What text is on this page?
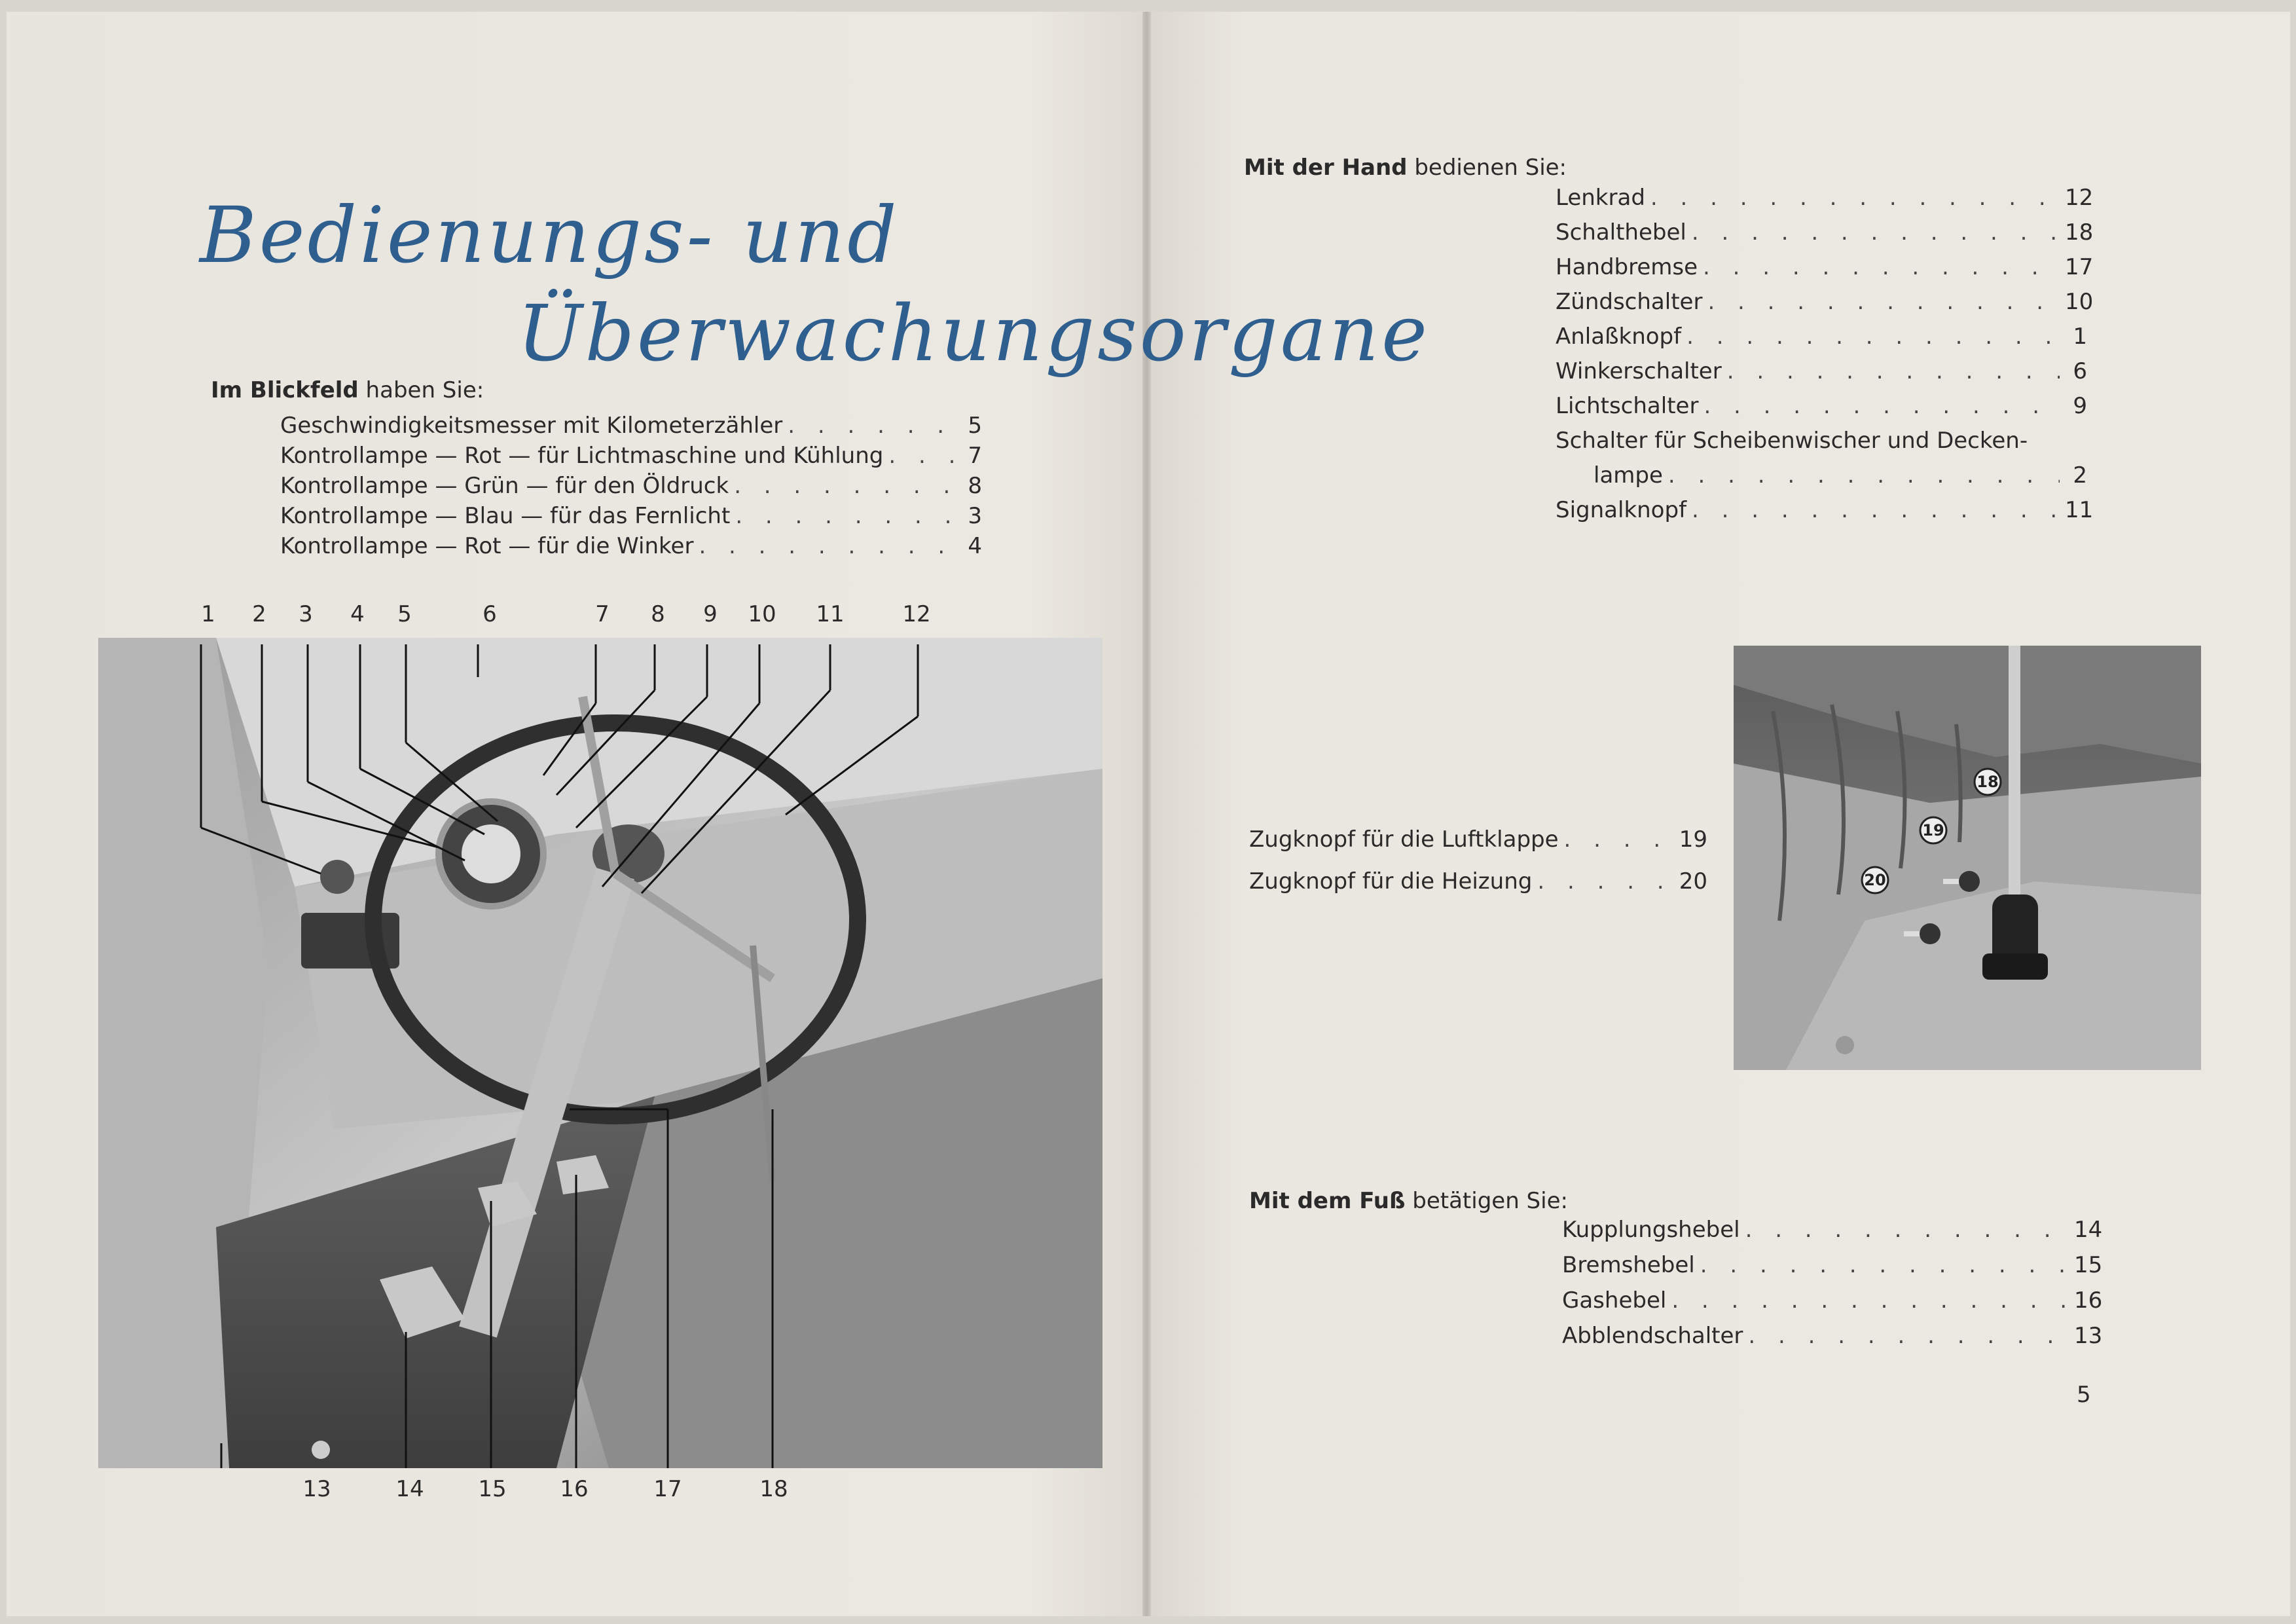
Bedienungs- und
Überwachungsorgane
Im Blickfeld haben Sie:
Geschwindigkeitsmesser mit Kilometerzähler . . .	5
Kontrollampe — Rot — für Lichtmaschine und Kühlung . . .	7
Kontrollampe — Grün — für den Öldruck . . .	8
Kontrollampe — Blau — für das Fernlicht . . .	3
Kontrollampe — Rot — für die Winker . . .	4
1	2	3	4	5	6	7	8	9	10 11	12
13	14 15 16	17	18
Mit der Hand bedienen Sie:
Lenkrad . . .	12
Schalthebel . . .	18
Handbremse . . .	17
Zündschalter . . .	10
Anlaßknopf . . .	1
Winkerschalter . . .	6
Lichtschalter . . .	9
Schalter für Scheibenwischer und Decken-
lampe . . .	2
Signalknopf . . .	11
Zugknopf für die Luftklappe . . .	19
Zugknopf für die Heizung . . .	20
18
19
20
Mit dem Fuß betätigen Sie:
Kupplungshebel . . .	14
Bremshebel . . .	15
Gashebel . . .	16
Abblendschalter . . .	13
5
